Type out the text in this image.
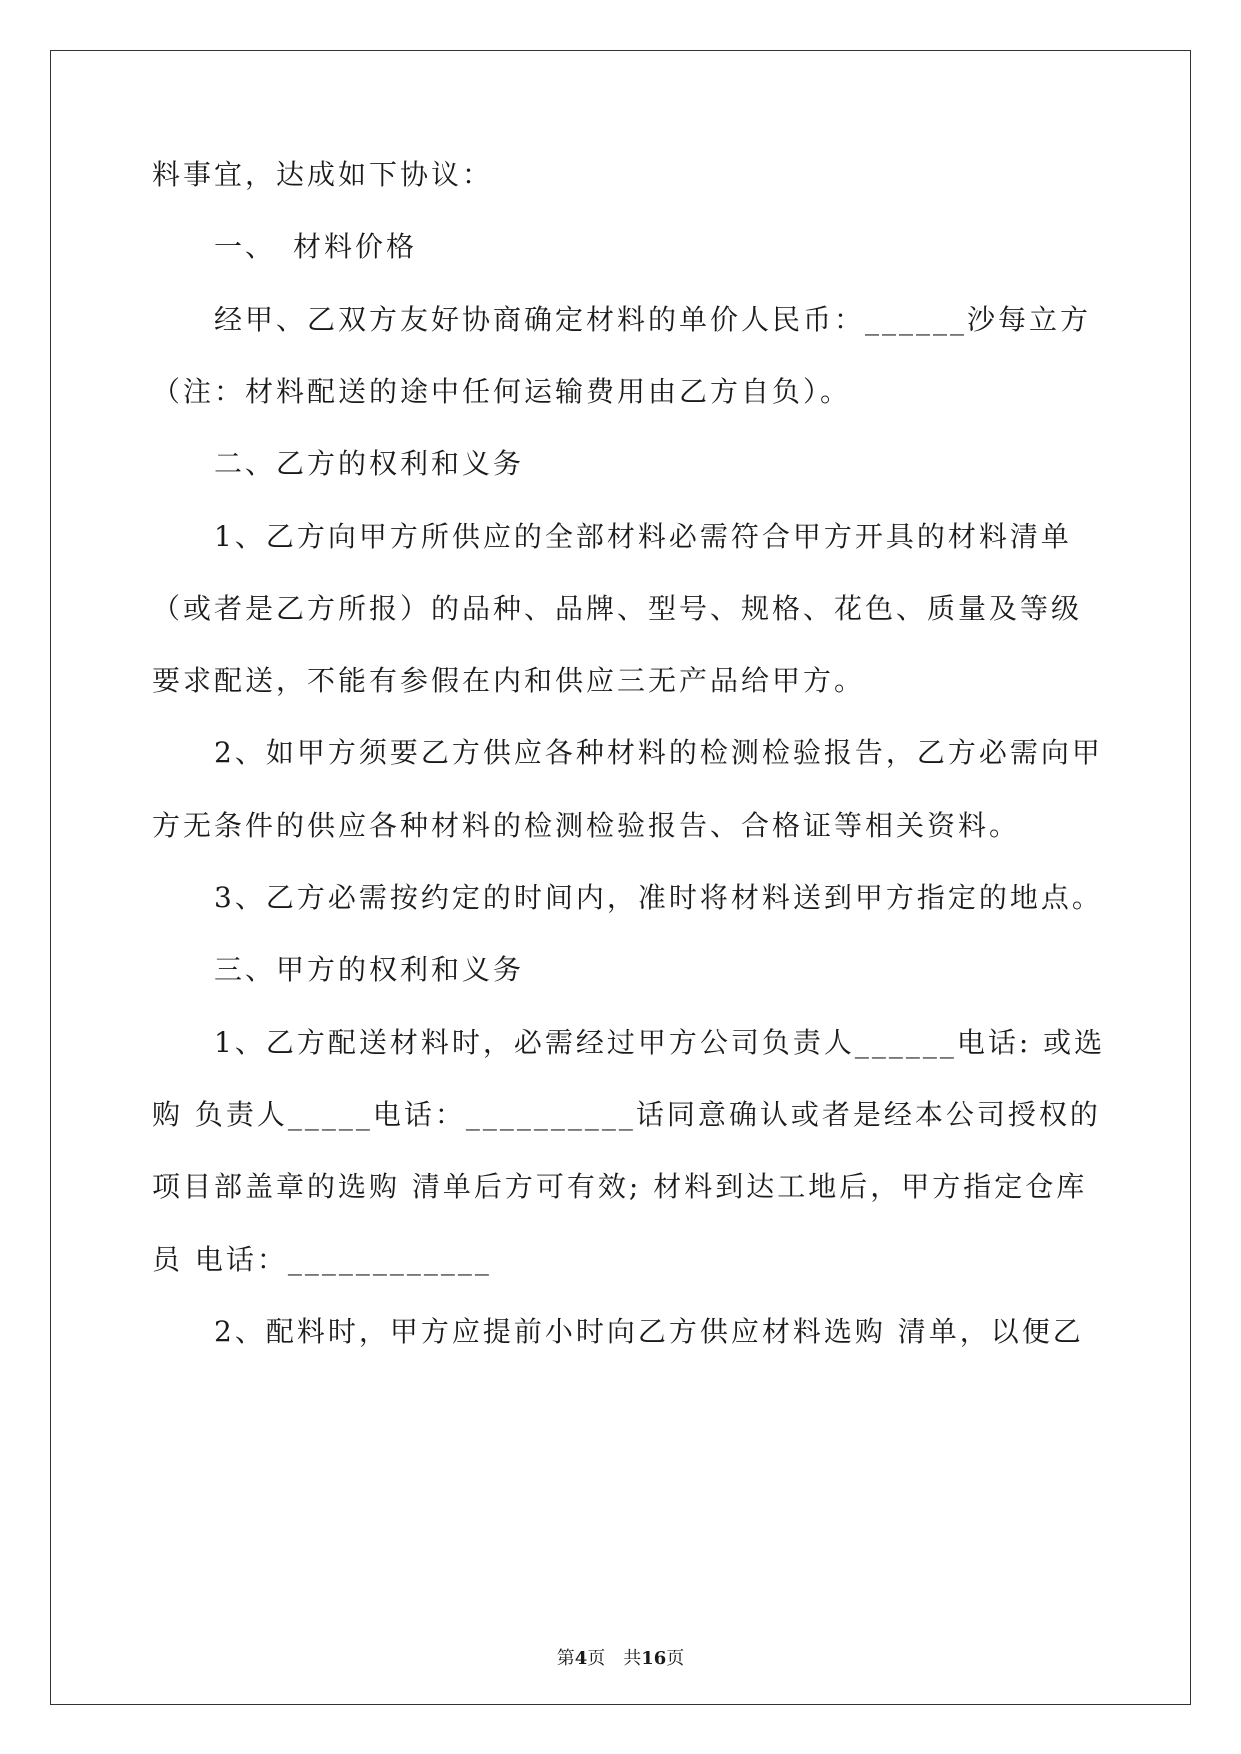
料事宜，达成如下协议：

　　一、　材料价格

　　经甲、乙双方友好协商确定材料的单价人民币：______沙每立方

（注：材料配送的途中任何运输费用由乙方自负）。

　　二、乙方的权利和义务

　　1、乙方向甲方所供应的全部材料必需符合甲方开具的材料清单

（或者是乙方所报）的品种、品牌、型号、规格、花色、质量及等级

要求配送，不能有参假在内和供应三无产品给甲方。

　　2、如甲方须要乙方供应各种材料的检测检验报告，乙方必需向甲

方无条件的供应各种材料的检测检验报告、合格证等相关资料。

　　3、乙方必需按约定的时间内，准时将材料送到甲方指定的地点。

　　三、甲方的权利和义务

　　1、乙方配送材料时，必需经过甲方公司负责人______电话: 或选

购 负责人_____电话：__________话同意确认或者是经本公司授权的

项目部盖章的选购 清单后方可有效; 材料到达工地后，甲方指定仓库

员 电话：____________

　　2、配料时，甲方应提前小时向乙方供应材料选购 清单，以便乙

第4页 共16页
